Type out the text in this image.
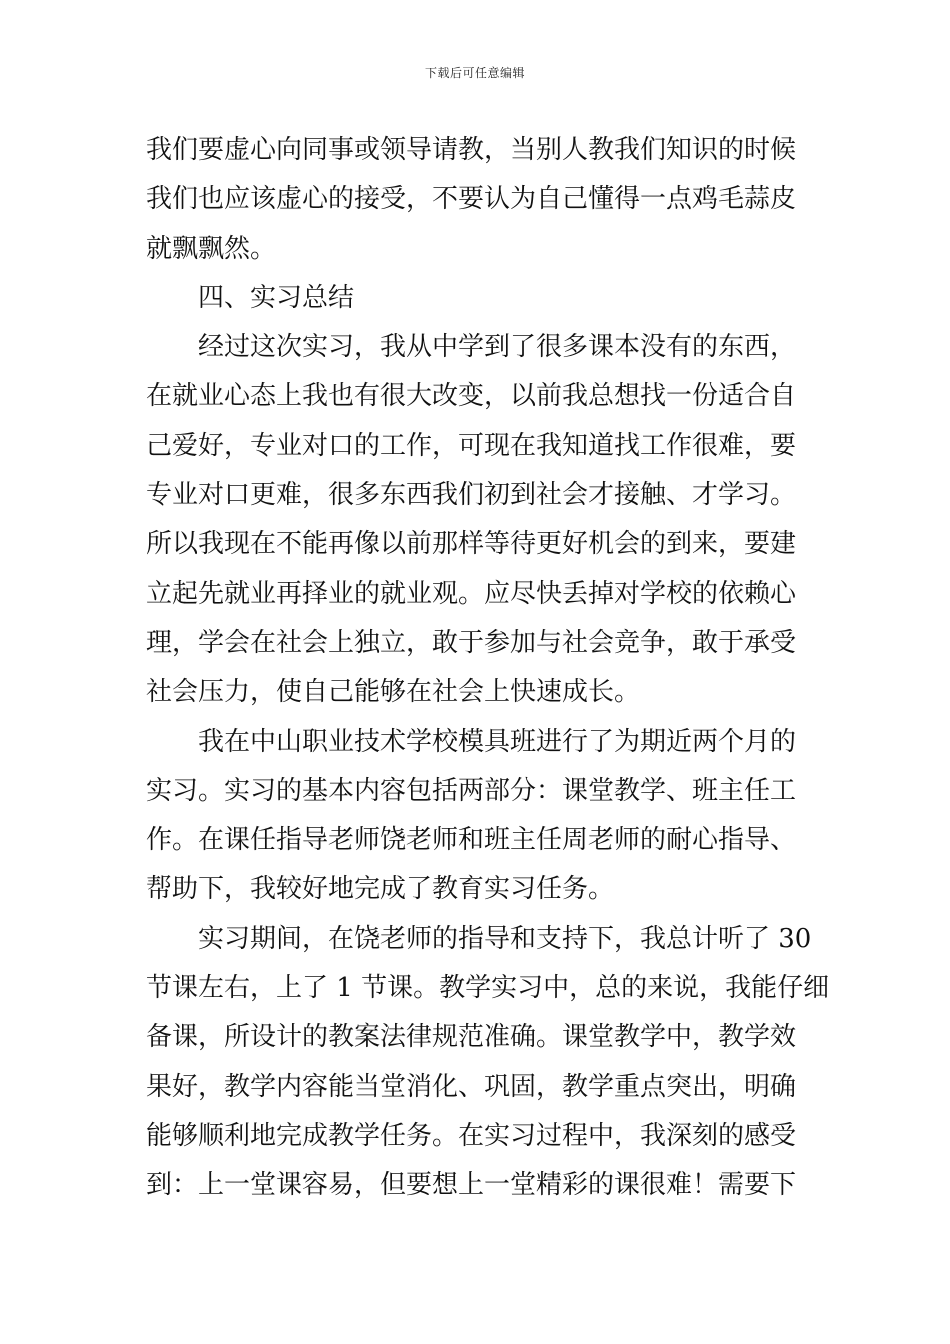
下载后可任意编辑
我们要虚心向同事或领导请教，当别人教我们知识的时候
我们也应该虚心的接受，不要认为自己懂得一点鸡毛蒜皮
就飘飘然。
四、实习总结
经过这次实习，我从中学到了很多课本没有的东西，
在就业心态上我也有很大改变，以前我总想找一份适合自
己爱好，专业对口的工作，可现在我知道找工作很难，要
专业对口更难，很多东西我们初到社会才接触、才学习。
所以我现在不能再像以前那样等待更好机会的到来，要建
立起先就业再择业的就业观。应尽快丢掉对学校的依赖心
理，学会在社会上独立，敢于参加与社会竞争，敢于承受
社会压力，使自己能够在社会上快速成长。
我在中山职业技术学校模具班进行了为期近两个月的
实习。实习的基本内容包括两部分：课堂教学、班主任工
作。在课任指导老师饶老师和班主任周老师的耐心指导、
帮助下，我较好地完成了教育实习任务。
实习期间，在饶老师的指导和支持下，我总计听了 30
节课左右，上了 1 节课。教学实习中，总的来说，我能仔细
备课，所设计的教案法律规范准确。课堂教学中，教学效
果好，教学内容能当堂消化、巩固，教学重点突出，明确
能够顺利地完成教学任务。在实习过程中，我深刻的感受
到：上一堂课容易，但要想上一堂精彩的课很难！需要下
